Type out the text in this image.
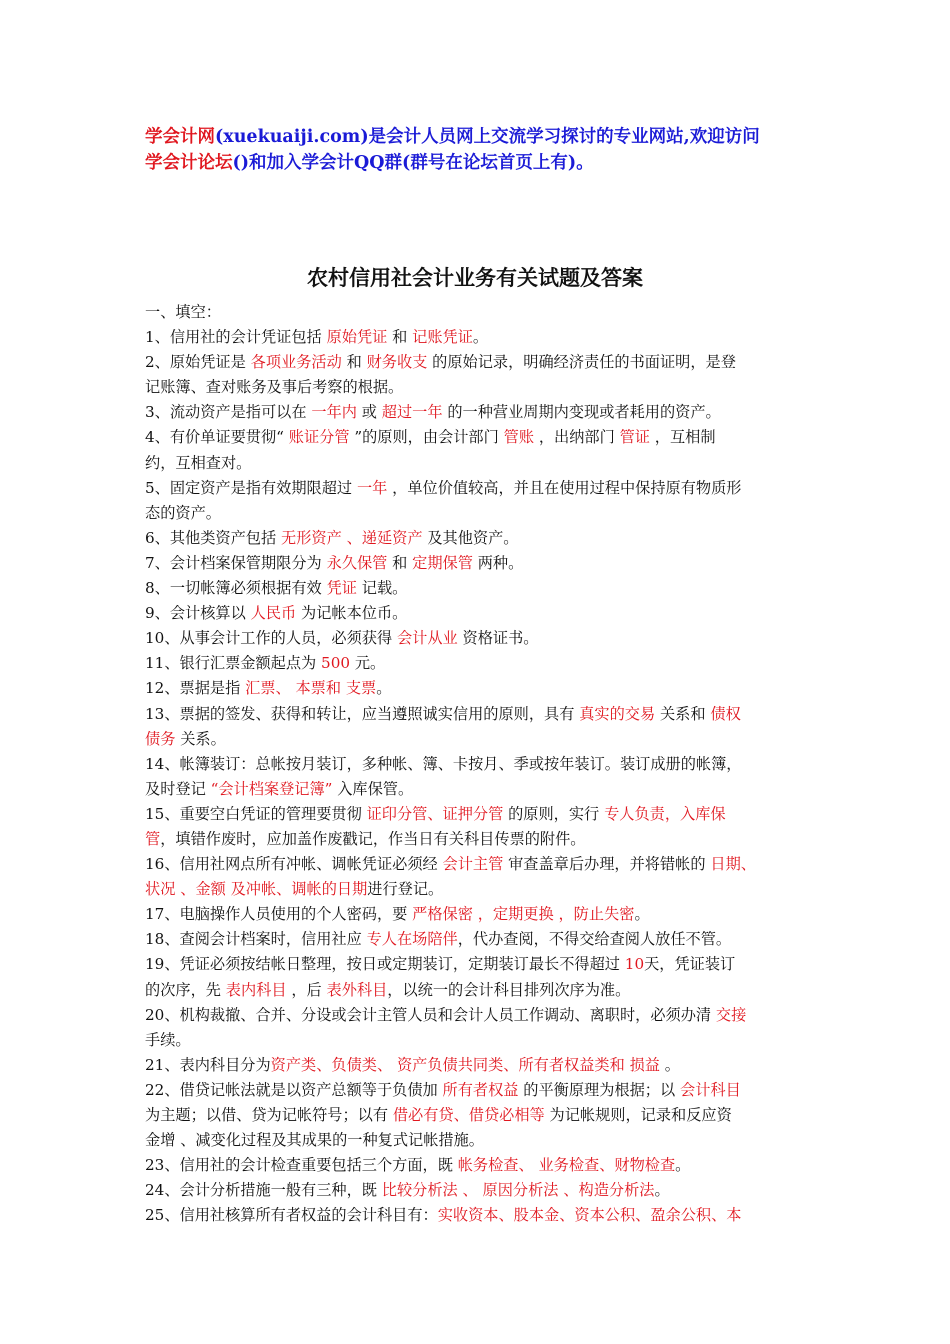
学会计网(xuekuaiji.com)是会计人员网上交流学习探讨的专业网站,欢迎访问
学会计论坛()和加入学会计QQ群(群号在论坛首页上有)。
农村信用社会计业务有关试题及答案
一、填空：
1、信用社的会计凭证包括 原始凭证 和 记账凭证。
2、原始凭证是 各项业务活动 和 财务收支 的原始记录，明确经济责任的书面证明，是登
记账簿、查对账务及事后考察的根据。
3、流动资产是指可以在 一年内 或 超过一年 的一种营业周期内变现或者耗用的资产。
4、有价单证要贯彻“ 账证分管 ”的原则，由会计部门 管账 ，出纳部门 管证 ，互相制
约，互相查对。
5、固定资产是指有效期限超过 一年 ，单位价值较高，并且在使用过程中保持原有物质形
态的资产。
6、其他类资产包括 无形资产 、递延资产 及其他资产。
7、会计档案保管期限分为 永久保管 和 定期保管 两种。
8、一切帐簿必须根据有效 凭证 记载。
9、会计核算以 人民币 为记帐本位币。
10、从事会计工作的人员，必须获得 会计从业 资格证书。
11、银行汇票金额起点为 500 元。
12、票据是指 汇票、 本票和 支票。
13、票据的签发、获得和转让，应当遵照诚实信用的原则，具有 真实的交易 关系和 债权
债务 关系。
14、帐簿装订：总帐按月装订，多种帐、簿、卡按月、季或按年装订。装订成册的帐簿，
及时登记 “会计档案登记簿” 入库保管。
15、重要空白凭证的管理要贯彻 证印分管、证押分管 的原则，实行 专人负责，入库保
管，填错作废时，应加盖作废戳记，作当日有关科目传票的附件。
16、信用社网点所有冲帐、调帐凭证必须经 会计主管 审查盖章后办理，并将错帐的 日期、
状况 、金额 及冲帐、调帐的日期进行登记。
17、电脑操作人员使用的个人密码，要 严格保密 ，定期更换 ，防止失密。
18、查阅会计档案时，信用社应 专人在场陪伴，代办查阅，不得交给查阅人放任不管。
19、凭证必须按结帐日整理，按日或定期装订，定期装订最长不得超过 10天，凭证装订
的次序，先 表内科目 ，后 表外科目，以统一的会计科目排列次序为准。
20、机构裁撤、合并、分设或会计主管人员和会计人员工作调动、离职时，必须办清 交接
手续。
21、表内科目分为资产类、负债类、 资产负债共同类、所有者权益类和 损益 。
22、借贷记帐法就是以资产总额等于负债加 所有者权益 的平衡原理为根据；以 会计科目
为主题；以借、贷为记帐符号；以有 借必有贷、借贷必相等 为记帐规则，记录和反应资
金增 、减变化过程及其成果的一种复式记帐措施。
23、信用社的会计检查重要包括三个方面，既 帐务检查、 业务检查、财物检查。
24、会计分析措施一般有三种，既 比较分析法 、 原因分析法 、构造分析法。
25、信用社核算所有者权益的会计科目有：实收资本、股本金、资本公积、盈余公积、本
